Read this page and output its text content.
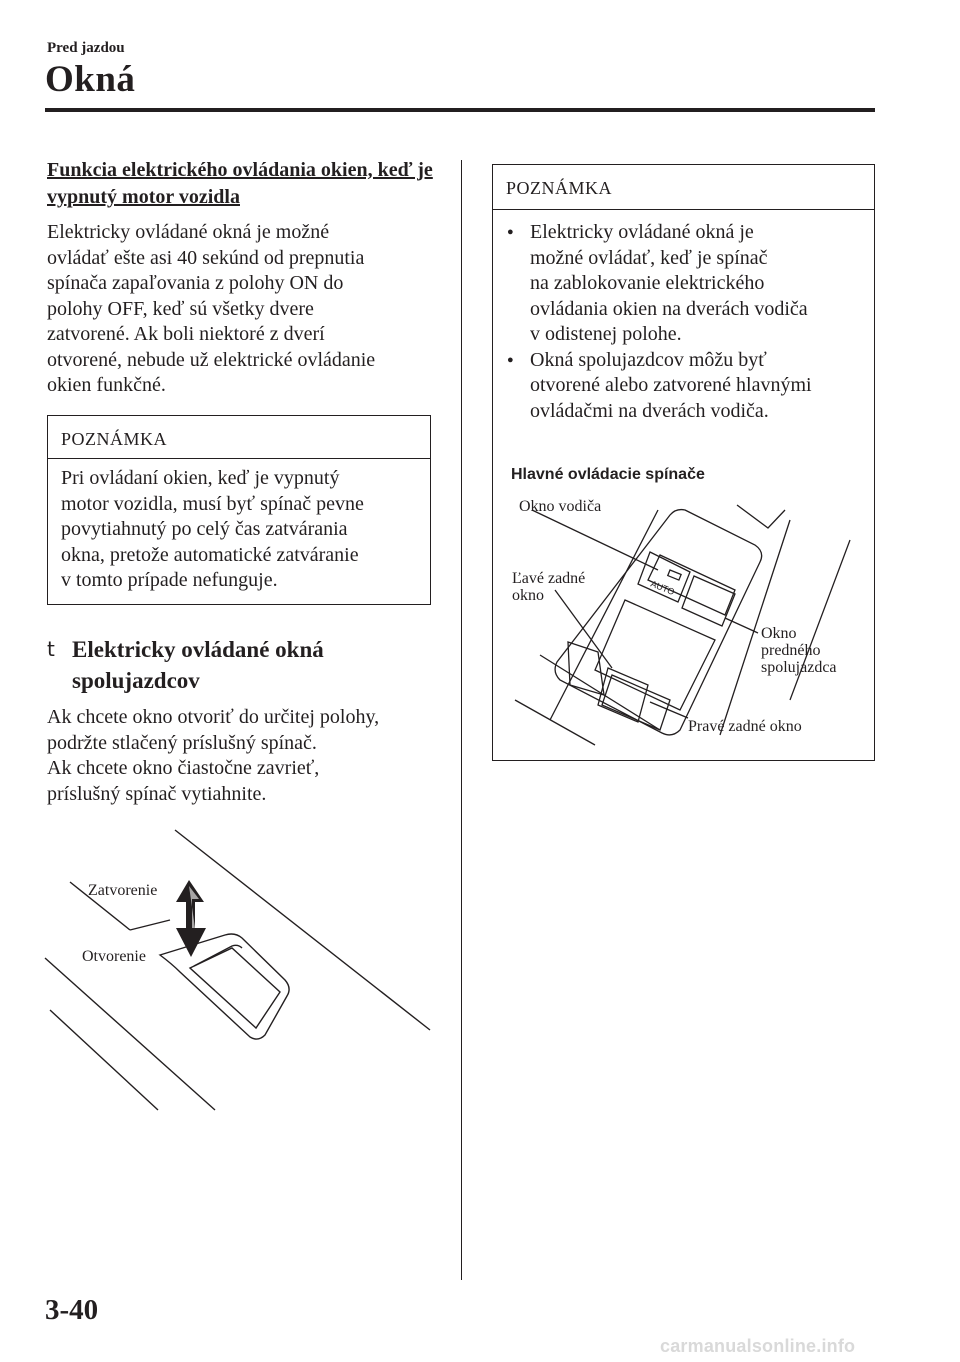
Pred jazdou
Okná
Funkcia elektrického ovládania okien, keď je vypnutý motor vozidla
Elektricky ovládané okná je možné
ovládať ešte asi 40 sekúnd od prepnutia
spínača zapaľovania z polohy ON do
polohy OFF, keď sú všetky dvere
zatvorené. Ak boli niektoré z dverí
otvorené, nebude už elektrické ovládanie
okien funkčné.
POZNÁMKA
Pri ovládaní okien, keď je vypnutý
motor vozidla, musí byť spínač pevne
povytiahnutý po celý čas zatvárania
okna, pretože automatické zatváranie
v tomto prípade nefunguje.
t Elektricky ovládané okná
spolujazdcov
Ak chcete okno otvoriť do určitej polohy,
podržte stlačený príslušný spínač.
Ak chcete okno čiastočne zavrieť,
príslušný spínač vytiahnite.
Zatvorenie
Otvorenie
POZNÁMKA
● Elektricky ovládané okná je
možné ovládať, keď je spínač
na zablokovanie elektrického
ovládania okien na dverách vodiča
v odistenej polohe.
● Okná spolujazdcov môžu byť
otvorené alebo zatvorené hlavnými
ovládačmi na dverách vodiča.
Hlavné ovládacie spínače
AUTO
Okno vodiča
Ľavé zadné
okno
Okno
predného
spolujazdca
Pravé zadné okno
3-40
carmanualsonline.info
